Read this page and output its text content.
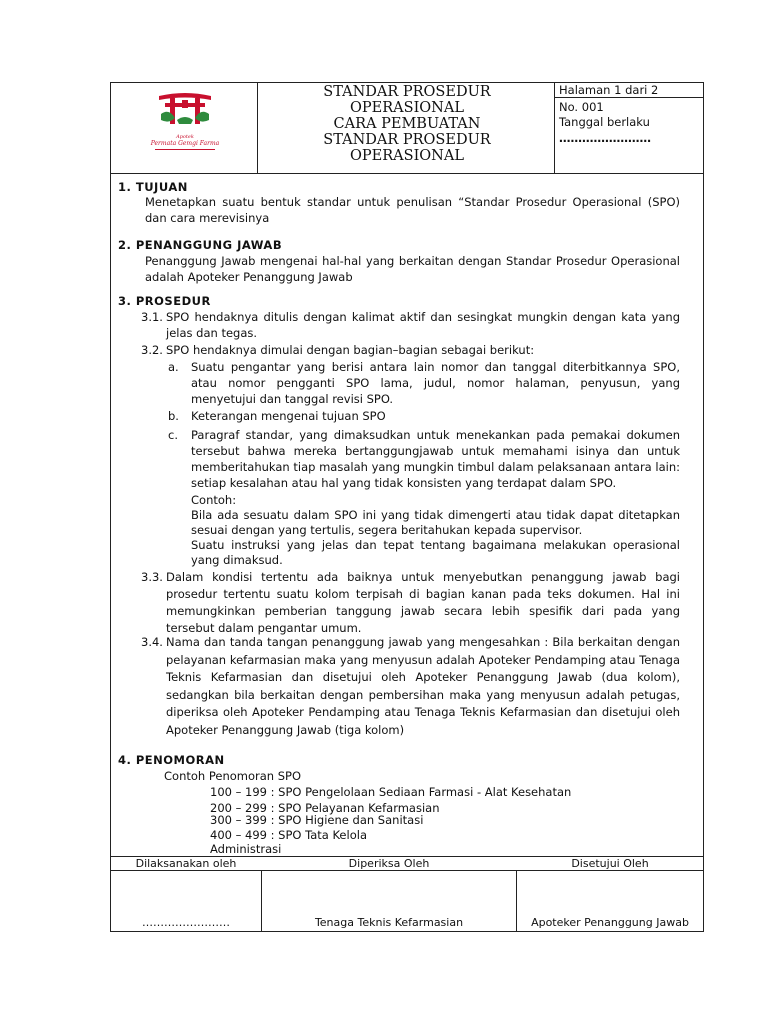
Apotek
Permata Gemgi Farma
STANDAR PROSEDUR
OPERASIONAL
CARA PEMBUATAN
STANDAR PROSEDUR
OPERASIONAL
Halaman 1 dari 2
No. 001
Tanggal berlaku
……………………
1. TUJUAN
Menetapkan suatu bentuk standar untuk penulisan “Standar Prosedur Operasional (SPO) dan cara merevisinya
2. PENANGGUNG JAWAB
Penanggung Jawab mengenai hal-hal yang berkaitan dengan Standar Prosedur Operasional adalah Apoteker Penanggung Jawab
3. PROSEDUR
3.1. SPO hendaknya ditulis dengan kalimat aktif dan sesingkat mungkin dengan kata yang jelas dan tegas.
3.2. SPO hendaknya dimulai dengan bagian–bagian sebagai berikut:
a. Suatu pengantar yang berisi antara lain nomor dan tanggal diterbitkannya SPO, atau nomor pengganti SPO lama, judul, nomor halaman, penyusun, yang menyetujui dan tanggal revisi SPO.
b. Keterangan mengenai tujuan SPO
c. Paragraf standar, yang dimaksudkan untuk menekankan pada pemakai dokumen tersebut bahwa mereka bertanggungjawab untuk memahami isinya dan untuk memberitahukan tiap masalah yang mungkin timbul dalam pelaksanaan antara lain: setiap kesalahan atau hal yang tidak konsisten yang terdapat dalam SPO.
Contoh:
Bila ada sesuatu dalam SPO ini yang tidak dimengerti atau tidak dapat ditetapkan sesuai dengan yang tertulis, segera beritahukan kepada supervisor.
Suatu instruksi yang jelas dan tepat tentang bagaimana melakukan operasional yang dimaksud.
3.3. Dalam kondisi tertentu ada baiknya untuk menyebutkan penanggung jawab bagi prosedur tertentu suatu kolom terpisah di bagian kanan pada teks dokumen. Hal ini memungkinkan pemberian tanggung jawab secara lebih spesifik dari pada yang tersebut dalam pengantar umum.
3.4. Nama dan tanda tangan penanggung jawab yang mengesahkan : Bila berkaitan dengan pelayanan kefarmasian maka yang menyusun adalah Apoteker Pendamping atau Tenaga Teknis Kefarmasian dan disetujui oleh Apoteker Penanggung Jawab (dua kolom), sedangkan bila berkaitan dengan pembersihan maka yang menyusun adalah petugas, diperiksa oleh Apoteker Pendamping atau Tenaga Teknis Kefarmasian dan disetujui oleh Apoteker Penanggung Jawab (tiga kolom)
4. PENOMORAN
Contoh Penomoran SPO
100 – 199 : SPO Pengelolaan Sediaan Farmasi - Alat Kesehatan
200 – 299 : SPO Pelayanan Kefarmasian
300 – 399 : SPO Higiene dan Sanitasi
400 – 499 : SPO Tata Kelola
Administrasi
Dilaksanakan oleh	Diperiksa Oleh	Disetujui Oleh
……………………	Tenaga Teknis Kefarmasian	Apoteker Penanggung Jawab
